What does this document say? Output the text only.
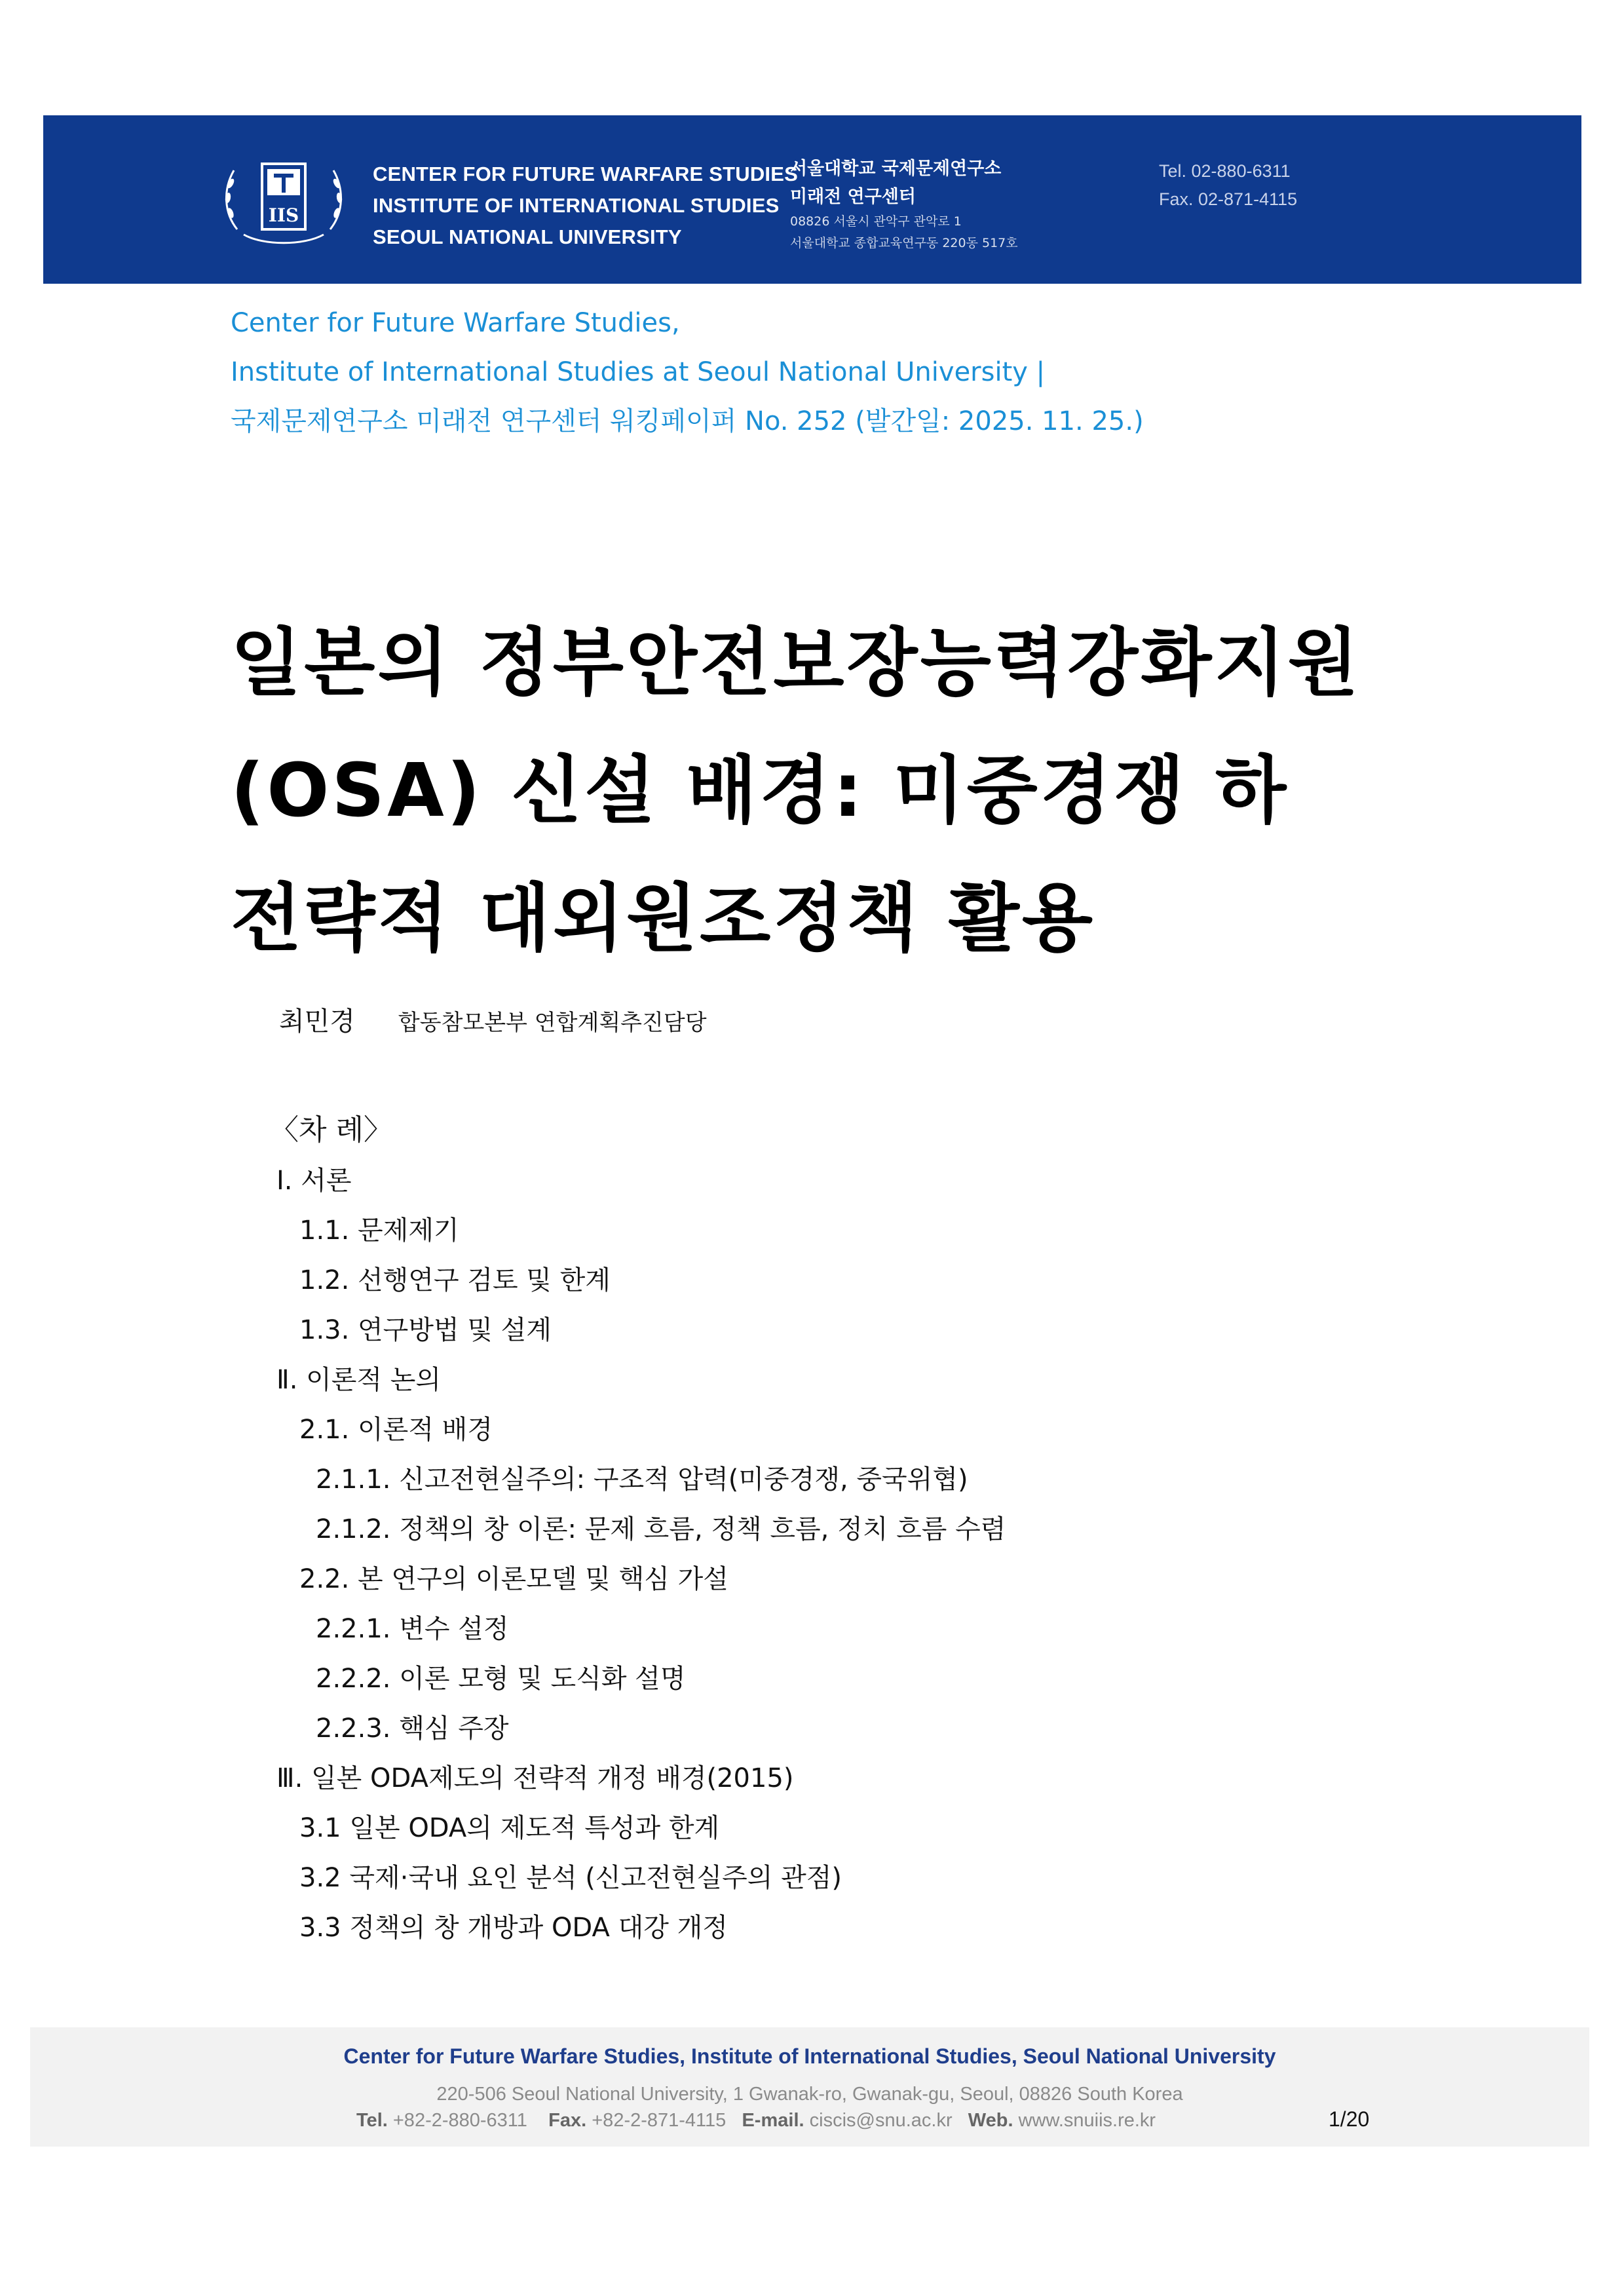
IIS
CENTER FOR FUTURE WARFARE STUDIES
INSTITUTE OF INTERNATIONAL STUDIES
SEOUL NATIONAL UNIVERSITY
서울대학교 국제문제연구소
미래전 연구센터
08826 서울시 관악구 관악로 1
서울대학교 종합교육연구동 220동 517호
Tel. 02-880-6311
Fax. 02-871-4115
Center for Future Warfare Studies,
Institute of International Studies at Seoul National University |
국제문제연구소 미래전 연구센터 워킹페이퍼 No. 252 (발간일: 2025. 11. 25.)
일본의 정부안전보장능력강화지원
(OSA) 신설 배경: 미중경쟁 하
전략적 대외원조정책 활용
최민경 합동참모본부 연합계획추진담당
〈차 례〉
Ⅰ. 서론
1.1. 문제제기
1.2. 선행연구 검토 및 한계
1.3. 연구방법 및 설계
Ⅱ. 이론적 논의
2.1. 이론적 배경
2.1.1. 신고전현실주의: 구조적 압력(미중경쟁, 중국위협)
2.1.2. 정책의 창 이론: 문제 흐름, 정책 흐름, 정치 흐름 수렴
2.2. 본 연구의 이론모델 및 핵심 가설
2.2.1. 변수 설정
2.2.2. 이론 모형 및 도식화 설명
2.2.3. 핵심 주장
Ⅲ. 일본 ODA제도의 전략적 개정 배경(2015)
3.1 일본 ODA의 제도적 특성과 한계
3.2 국제·국내 요인 분석 (신고전현실주의 관점)
3.3 정책의 창 개방과 ODA 대강 개정
Center for Future Warfare Studies, Institute of International Studies, Seoul National University
220-506 Seoul National University, 1 Gwanak-ro, Gwanak-gu, Seoul, 08826 South Korea
Tel. +82-2-880-6311 Fax. +82-2-871-4115 E-mail. ciscis@snu.ac.kr Web. www.snuiis.re.kr	1/20
